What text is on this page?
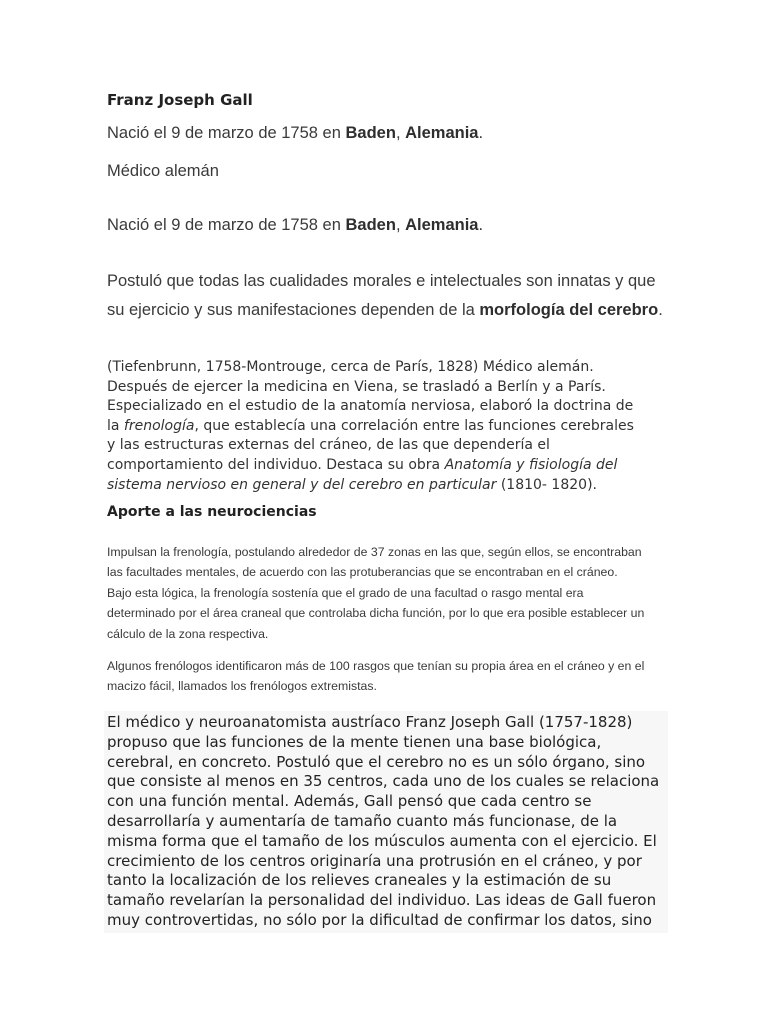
Franz Joseph Gall

Nació el 9 de marzo de 1758 en Baden, Alemania.

Médico alemán

Nació el 9 de marzo de 1758 en Baden, Alemania.

Postuló que todas las cualidades morales e intelectuales son innatas y que su ejercicio y sus manifestaciones dependen de la morfología del cerebro.

(Tiefenbrunn, 1758-Montrouge, cerca de París, 1828) Médico alemán.
Después de ejercer la medicina en Viena, se trasladó a Berlín y a París.
Especializado en el estudio de la anatomía nerviosa, elaboró la doctrina de
la frenología, que establecía una correlación entre las funciones cerebrales
y las estructuras externas del cráneo, de las que dependería el
comportamiento del individuo. Destaca su obra Anatomía y fisiología del
sistema nervioso en general y del cerebro en particular (1810- 1820).

Aporte a las neurociencias

Impulsan la frenología, postulando alrededor de 37 zonas en las que, según ellos, se encontraban
las facultades mentales, de acuerdo con las protuberancias que se encontraban en el cráneo.
Bajo esta lógica, la frenología sostenía que el grado de una facultad o rasgo mental era
determinado por el área craneal que controlaba dicha función, por lo que era posible establecer un
cálculo de la zona respectiva.

Algunos frenólogos identificaron más de 100 rasgos que tenían su propia área en el cráneo y en el
macizo fácil, llamados los frenólogos extremistas.

El médico y neuroanatomista austríaco Franz Joseph Gall (1757-1828)
propuso que las funciones de la mente tienen una base biológica,
cerebral, en concreto. Postuló que el cerebro no es un sólo órgano, sino
que consiste al menos en 35 centros, cada uno de los cuales se relaciona
con una función mental. Además, Gall pensó que cada centro se
desarrollaría y aumentaría de tamaño cuanto más funcionase, de la
misma forma que el tamaño de los músculos aumenta con el ejercicio. El
crecimiento de los centros originaría una protrusión en el cráneo, y por
tanto la localización de los relieves craneales y la estimación de su
tamaño revelarían la personalidad del individuo. Las ideas de Gall fueron
muy controvertidas, no sólo por la dificultad de confirmar los datos, sino
